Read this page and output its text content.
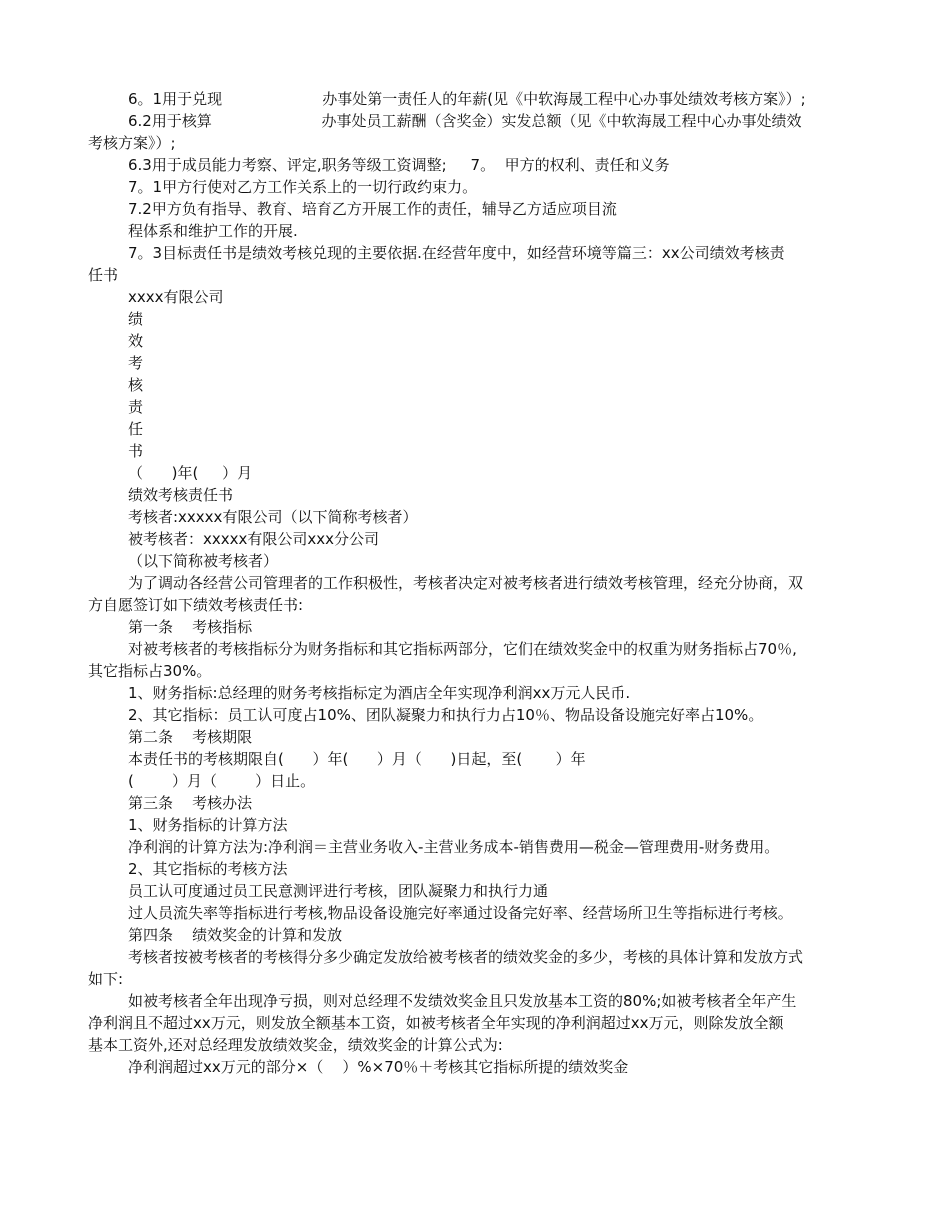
6。1用于兑现                     办事处第一责任人的年薪(见《中软海晟工程中心办事处绩效考核方案》）;
6.2用于核算                       办事处员工薪酬（含奖金）实发总额（见《中软海晟工程中心办事处绩效
考核方案》）;
6.3用于成员能力考察、评定,职务等级工资调整;     7。  甲方的权利、责任和义务
7。1甲方行使对乙方工作关系上的一切行政约束力。
7.2甲方负有指导、教育、培育乙方开展工作的责任，辅导乙方适应项目流
程体系和维护工作的开展.
7。3目标责任书是绩效考核兑现的主要依据.在经营年度中，如经营环境等篇三：xx公司绩效考核责
任书
xxxx有限公司
绩
效
考
核
责
任
书
（      )年(     ）月
绩效考核责任书
考核者:xxxxx有限公司（以下简称考核者）
被考核者：xxxxx有限公司xxx分公司
（以下简称被考核者）
为了调动各经营公司管理者的工作积极性，考核者决定对被考核者进行绩效考核管理，经充分协商，双
方自愿签订如下绩效考核责任书:
第一条    考核指标
对被考核者的考核指标分为财务指标和其它指标两部分，它们在绩效奖金中的权重为财务指标占70％,
其它指标占30%。
1、财务指标:总经理的财务考核指标定为酒店全年实现净利润xx万元人民币.
2、其它指标：员工认可度占10%、团队凝聚力和执行力占10％、物品设备设施完好率占10%。
第二条    考核期限
本责任书的考核期限自(      ）年(      ）月（      )日起，至(       ）年
(        ）月（        ）日止。
第三条    考核办法
1、财务指标的计算方法
净利润的计算方法为:净利润＝主营业务收入-主营业务成本-销售费用—税金—管理费用-财务费用。
2、其它指标的考核方法
员工认可度通过员工民意测评进行考核，团队凝聚力和执行力通
过人员流失率等指标进行考核,物品设备设施完好率通过设备完好率、经营场所卫生等指标进行考核。
第四条    绩效奖金的计算和发放
考核者按被考核者的考核得分多少确定发放给被考核者的绩效奖金的多少，考核的具体计算和发放方式
如下:
如被考核者全年出现净亏损，则对总经理不发绩效奖金且只发放基本工资的80%;如被考核者全年产生
净利润且不超过xx万元，则发放全额基本工资，如被考核者全年实现的净利润超过xx万元，则除发放全额
基本工资外,还对总经理发放绩效奖金，绩效奖金的计算公式为:
净利润超过xx万元的部分×（    ）%×70％＋考核其它指标所提的绩效奖金
